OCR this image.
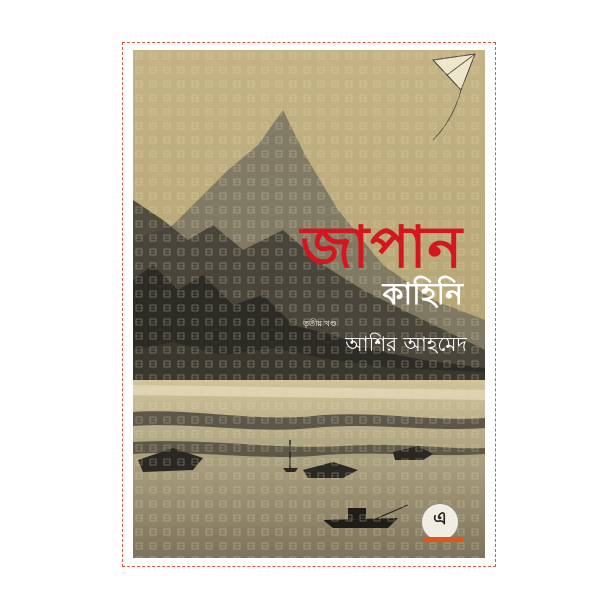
জাপান
কাহিনি
তৃতীয় খণ্ড
আশির আহমেদ
এ
